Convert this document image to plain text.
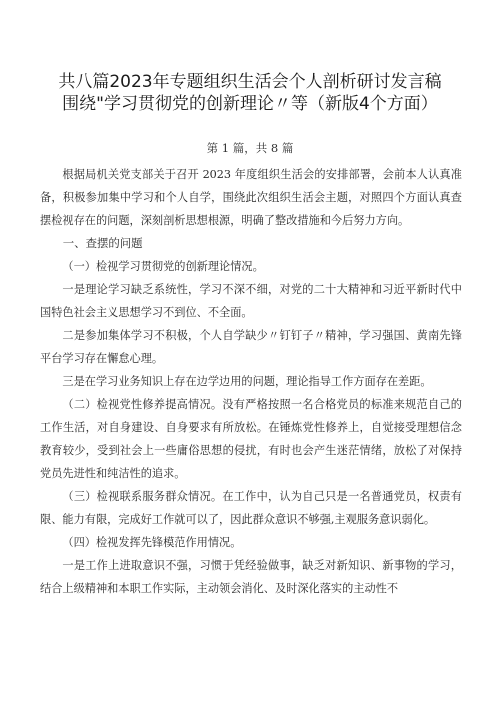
共八篇2023年专题组织生活会个人剖析研讨发言稿
围绕"学习贯彻党的创新理论〃等（新版4个方面）
第 1 篇，共 8 篇

根据局机关党支部关于召开 2023 年度组织生活会的安排部署，会前本人认真准备，积极参加集中学习和个人自学，围绕此次组织生活会主题，对照四个方面认真查摆检视存在的问题，深刻剖析思想根源，明确了整改措施和今后努力方向。

一、查摆的问题

（一）检视学习贯彻党的创新理论情况。

一是理论学习缺乏系统性，学习不深不细，对党的二十大精神和习近平新时代中国特色社会主义思想学习不到位、不全面。

二是参加集体学习不积极，个人自学缺少〃钉钉子〃精神，学习强国、黄南先锋平台学习存在懈怠心理。

三是在学习业务知识上存在边学边用的问题，理论指导工作方面存在差距。

（二）检视党性修养提高情况。没有严格按照一名合格党员的标准来规范自己的工作生活，对自身建设、自身要求有所放松。在锤炼党性修养上，自觉接受理想信念教育较少，受到社会上一些庸俗思想的侵扰，有时也会产生迷茫情绪，放松了对保持党员先进性和纯洁性的追求。

（三）检视联系服务群众情况。在工作中，认为自己只是一名普通党员，权责有限、能力有限，完成好工作就可以了，因此群众意识不够强,主观服务意识弱化。

（四）检视发挥先锋模范作用情况。

一是工作上进取意识不强，习惯于凭经验做事，缺乏对新知识、新事物的学习，结合上级精神和本职工作实际，主动领会消化、及时深化落实的主动性不
